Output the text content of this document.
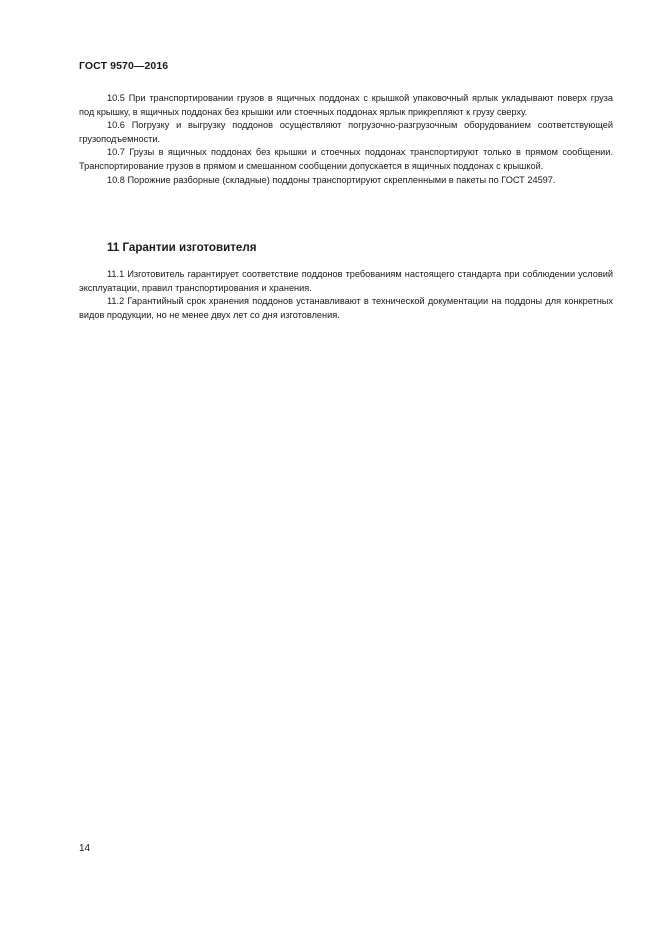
ГОСТ 9570—2016

10.5 При транспортировании грузов в ящичных поддонах с крышкой упаковочный ярлык укладывают поверх груза под крышку, в ящичных поддонах без крышки или стоечных поддонах ярлык прикрепляют к грузу сверху.

10.6 Погрузку и выгрузку поддонов осуществляют погрузочно-разгрузочным оборудованием соответствующей грузоподъемности.

10.7 Грузы в ящичных поддонах без крышки и стоечных поддонах транспортируют только в прямом сообщении. Транспортирование грузов в прямом и смешанном сообщении допускается в ящичных поддонах с крышкой.

10.8 Порожние разборные (складные) поддоны транспортируют скрепленными в пакеты по ГОСТ 24597.

11 Гарантии изготовителя

11.1 Изготовитель гарантирует соответствие поддонов требованиям настоящего стандарта при соблюдении условий эксплуатации, правил транспортирования и хранения.

11.2 Гарантийный срок хранения поддонов устанавливают в технической документации на поддоны для конкретных видов продукции, но не менее двух лет со дня изготовления.

14
